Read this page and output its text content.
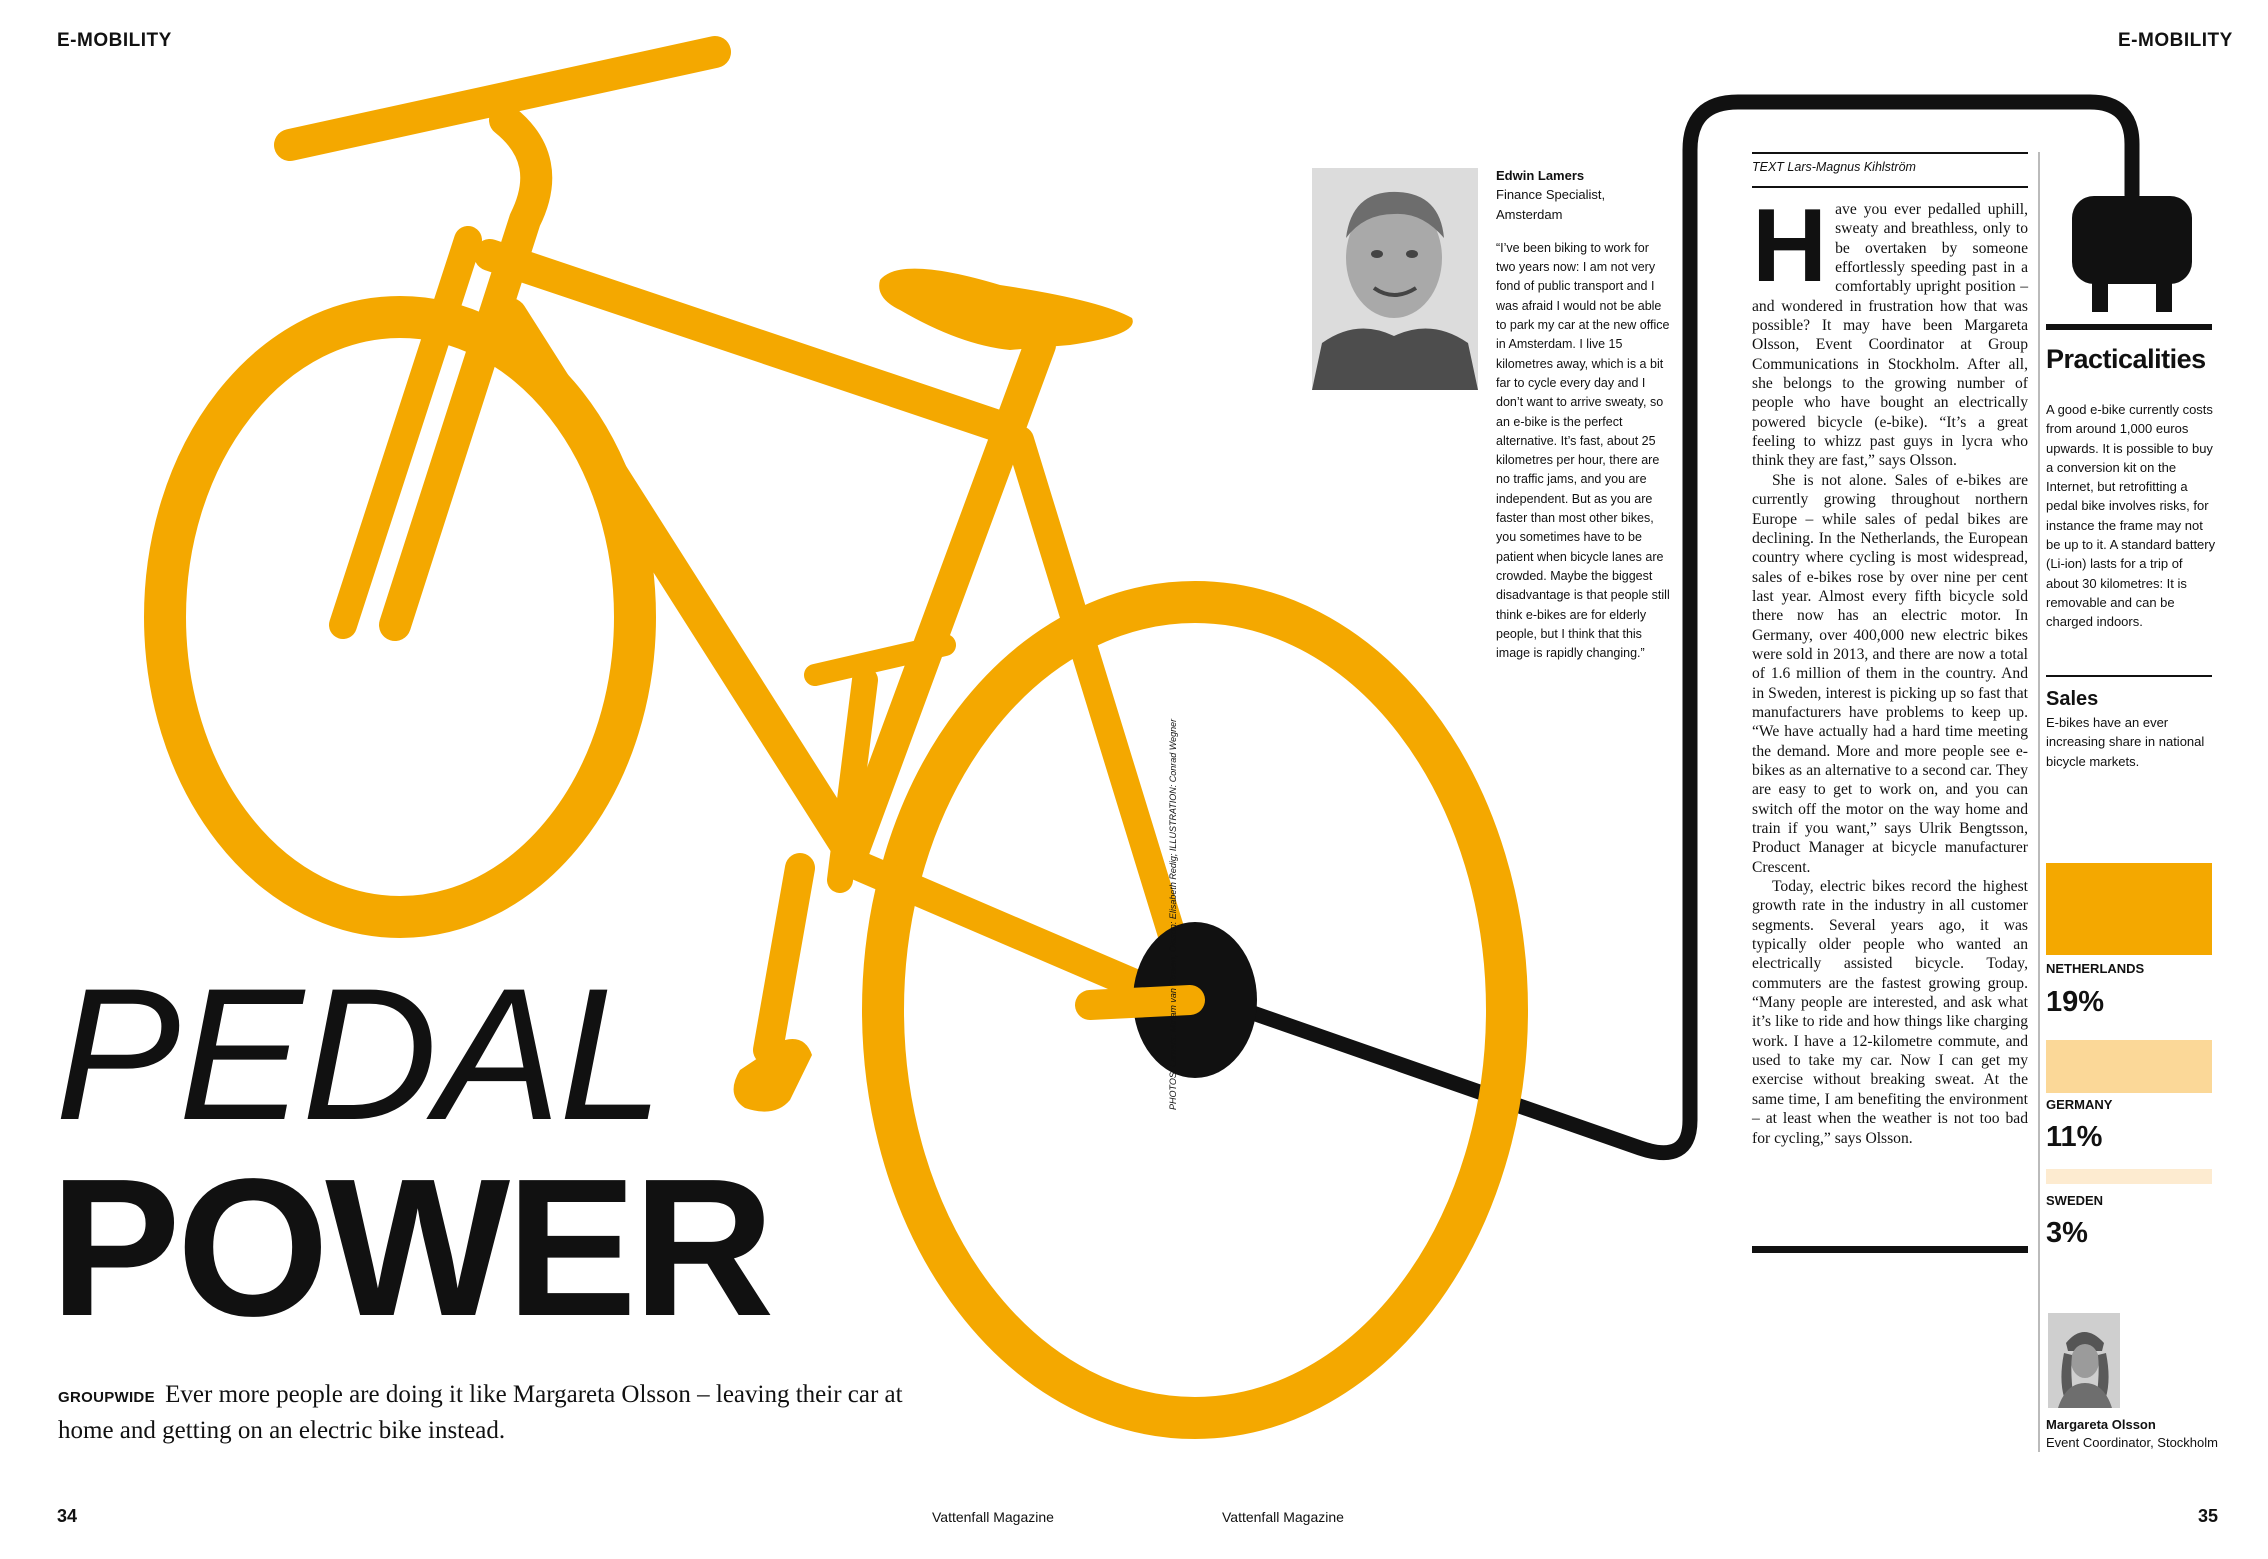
E-MOBILITY	E-MOBILITY
PEDAL
POWER
GROUPWIDE Ever more people are doing it like Margareta Olsson – leaving their car at home and getting on an electric bike instead.
PHOTOS: Lamers: Miriam van Stralen; Olsson: Elisabeth Redig; ILLUSTRATION: Conrad Wegner
Edwin Lamers
Finance Specialist,
Amsterdam
“I’ve been biking to work for two years now: I am not very fond of public transport and I was afraid I would not be able to park my car at the new office in Amsterdam. I live 15 kilometres away, which is a bit far to cycle every day and I don’t want to arrive sweaty, so an e-bike is the perfect alternative. It’s fast, about 25 kilometres per hour, there are no traffic jams, and you are independent. But as you are faster than most other bikes, you sometimes have to be patient when bicycle lanes are crowded. Maybe the biggest disadvantage is that people still think e-bikes are for elderly people, but I think that this image is rapidly changing.”
TEXT Lars-Magnus Kihlström

Have you ever pedalled uphill, sweaty and breathless, only to be overtaken by someone effortlessly speeding past in a comfortably upright position – and wondered in frustration how that was possible? It may have been Margareta Olsson, Event Coordinator at Group Communications in Stockholm. After all, she belongs to the growing number of people who have bought an electrically powered bicycle (e-bike). “It’s a great feeling to whizz past guys in lycra who think they are fast,” says Olsson.

She is not alone. Sales of e-bikes are currently growing throughout northern Europe – while sales of pedal bikes are declining. In the Netherlands, the European country where cycling is most widespread, sales of e-bikes rose by over nine per cent last year. Almost every fifth bicycle sold there now has an electric motor. In Germany, over 400,000 new electric bikes were sold in 2013, and there are now a total of 1.6 million of them in the country. And in Sweden, interest is picking up so fast that manufacturers have problems to keep up. “We have actually had a hard time meeting the demand. More and more people see e-bikes as an alternative to a second car. They are easy to get to work on, and you can switch off the motor on the way home and train if you want,” says Ulrik Bengtsson, Product Manager at bicycle manufacturer Crescent.

Today, electric bikes record the highest growth rate in the industry in all customer segments. Several years ago, it was typically older people who wanted an electrically assisted bicycle. Today, commuters are the fastest growing group. “Many people are interested, and ask what it’s like to ride and how things like charging work. I have a 12-kilometre commute, and used to take my car. Now I can get my exercise without breaking sweat. At the same time, I am benefiting the environment – at least when the weather is not too bad for cycling,” says Olsson.

Practicalities
A good e-bike currently costs from around 1,000 euros upwards. It is possible to buy a conversion kit on the Internet, but retrofitting a pedal bike involves risks, for instance the frame may not be up to it. A standard battery (Li-ion) lasts for a trip of about 30 kilometres: It is removable and can be charged indoors.
Sales
E-bikes have an ever increasing share in national bicycle markets.
NETHERLANDS
19%
GERMANY
11%
SWEDEN
3%
Margareta Olsson
Event Coordinator, Stockholm
34	Vattenfall Magazine	Vattenfall Magazine	35
